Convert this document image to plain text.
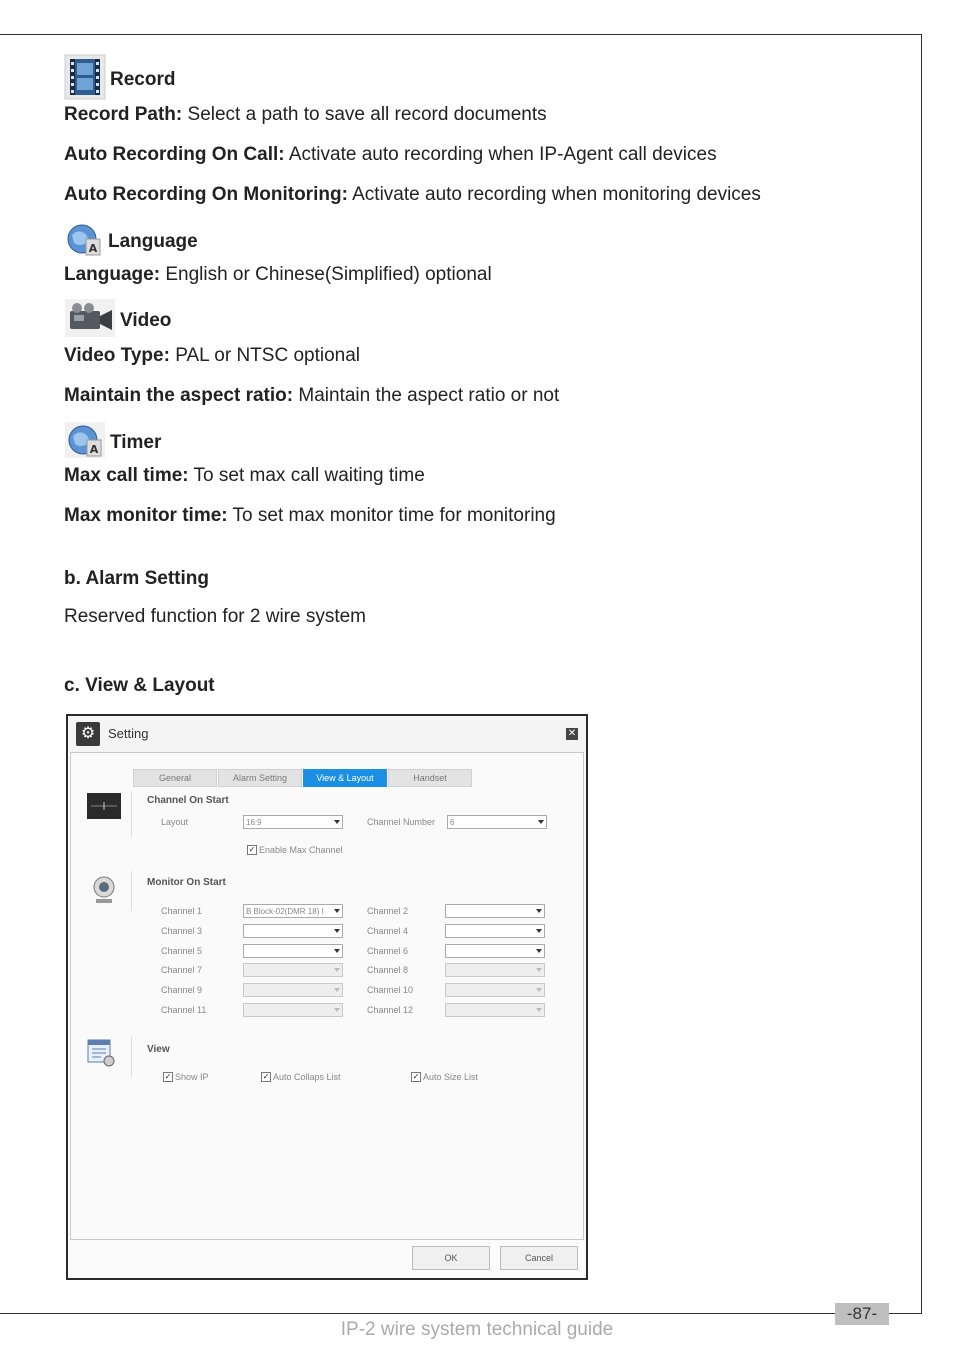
Record
Record Path: Select a path to save all record documents
Auto Recording On Call: Activate auto recording when IP-Agent call devices
Auto Recording On Monitoring: Activate auto recording when monitoring devices
A Language
Language: English or Chinese(Simplified) optional
Video
Video Type: PAL or NTSC optional
Maintain the aspect ratio: Maintain the aspect ratio or not
A Timer
Max call time: To set max call waiting time
Max monitor time: To set max monitor time for monitoring
b. Alarm Setting
Reserved function for 2 wire system
c. View & Layout
⚙ Setting	✕
General	Alarm Setting	View & Layout	Handset
Channel On Start
Layout	16:9	Channel Number	6
✓ Enable Max Channel
Monitor On Start
Channel 1	B Block-02(DMR 18) I	Channel 2
Channel 3	Channel 4
Channel 5	Channel 6
Channel 7	Channel 8
Channel 9	Channel 10
Channel 11	Channel 12
View
✓ Show IP	✓ Auto Collaps List	✓ Auto Size List
OK	Cancel
-87-
IP-2 wire system technical guide
